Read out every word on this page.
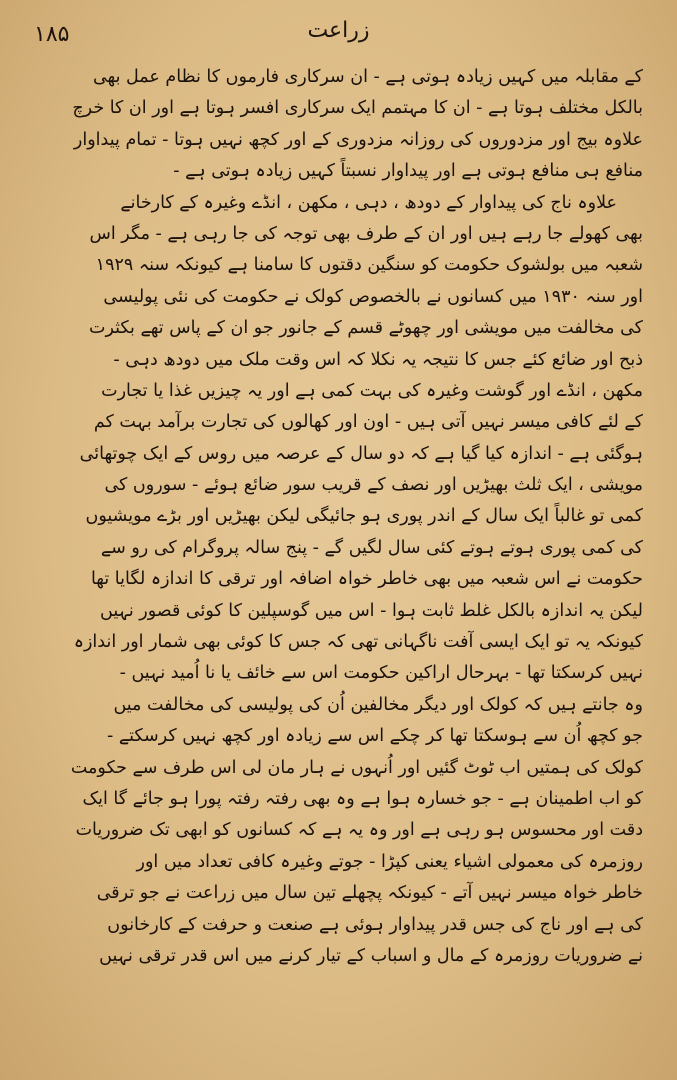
۱۸۵	زراعت
کے مقابلہ میں کہیں زیادہ ہوتی ہے - ان سرکاری فارموں کا نظام عمل بھی
بالکل مختلف ہوتا ہے - ان کا مہتمم ایک سرکاری افسر ہوتا ہے اور ان کا خرچ
علاوہ بیج اور مزدوروں کی روزانہ مزدوری کے اور کچھ نہیں ہوتا - تمام پیداوار
منافع ہی منافع ہوتی ہے اور پیداوار نسبتاً کہیں زیادہ ہوتی ہے -
علاوہ ناج کی پیداوار کے دودھ ، دہی ، مکھن ، انڈے وغیرہ کے کارخانے
بھی کھولے جا رہے ہیں اور ان کے طرف بھی توجہ کی جا رہی ہے - مگر اس
شعبہ میں بولشوک حکومت کو سنگین دقتوں کا سامنا ہے کیونکہ سنہ ۱۹۲۹
اور سنہ ۱۹۳۰ میں کسانوں نے بالخصوص کولک نے حکومت کی نئی پولیسی
کی مخالفت میں مویشی اور چھوٹے قسم کے جانور جو ان کے پاس تھے بکثرت
ذبح اور ضائع کئے جس کا نتیجہ یہ نکلا کہ اس وقت ملک میں دودھ دہی -
مکھن ، انڈے اور گوشت وغیرہ کی بہت کمی ہے اور یہ چیزیں غذا یا تجارت
کے لئے کافی میسر نہیں آتی ہیں - اون اور کھالوں کی تجارت برآمد بہت کم
ہوگئی ہے - اندازہ کیا گیا ہے کہ دو سال کے عرصہ میں روس کے ایک چوتھائی
مویشی ، ایک ثلث بھیڑیں اور نصف کے قریب سور ضائع ہوئے - سوروں کی
کمی تو غالباً ایک سال کے اندر پوری ہو جائیگی لیکن بھیڑیں اور بڑے مویشیوں
کی کمی پوری ہوتے ہوتے کئی سال لگیں گے - پنج سالہ پروگرام کی رو سے
حکومت نے اس شعبہ میں بھی خاطر خواہ اضافہ اور ترقی کا اندازہ لگایا تھا
لیکن یہ اندازہ بالکل غلط ثابت ہوا - اس میں گوسپلین کا کوئی قصور نہیں
کیونکہ یہ تو ایک ایسی آفت ناگہانی تھی کہ جس کا کوئی بھی شمار اور اندازہ
نہیں کرسکتا تھا - بہرحال اراکین حکومت اس سے خائف یا نا اُمید نہیں -
وہ جانتے ہیں کہ کولک اور دیگر مخالفین اُن کی پولیسی کی مخالفت میں
جو کچھ اُن سے ہوسکتا تھا کر چکے اس سے زیادہ اور کچھ نہیں کرسکتے -
کولک کی ہمتیں اب ٹوٹ گئیں اور اُنہوں نے ہار مان لی اس طرف سے حکومت
کو اب اطمینان ہے - جو خسارہ ہوا ہے وہ بھی رفتہ رفتہ پورا ہو جائے گا ایک
دقت اور محسوس ہو رہی ہے اور وہ یہ ہے کہ کسانوں کو ابھی تک ضروریات
روزمرہ کی معمولی اشیاء یعنی کپڑا - جوتے وغیرہ کافی تعداد میں اور
خاطر خواہ میسر نہیں آتے - کیونکہ پچھلے تین سال میں زراعت نے جو ترقی
کی ہے اور ناج کی جس قدر پیداوار ہوئی ہے صنعت و حرفت کے کارخانوں
نے ضروریات روزمرہ کے مال و اسباب کے تیار کرنے میں اس قدر ترقی نہیں
